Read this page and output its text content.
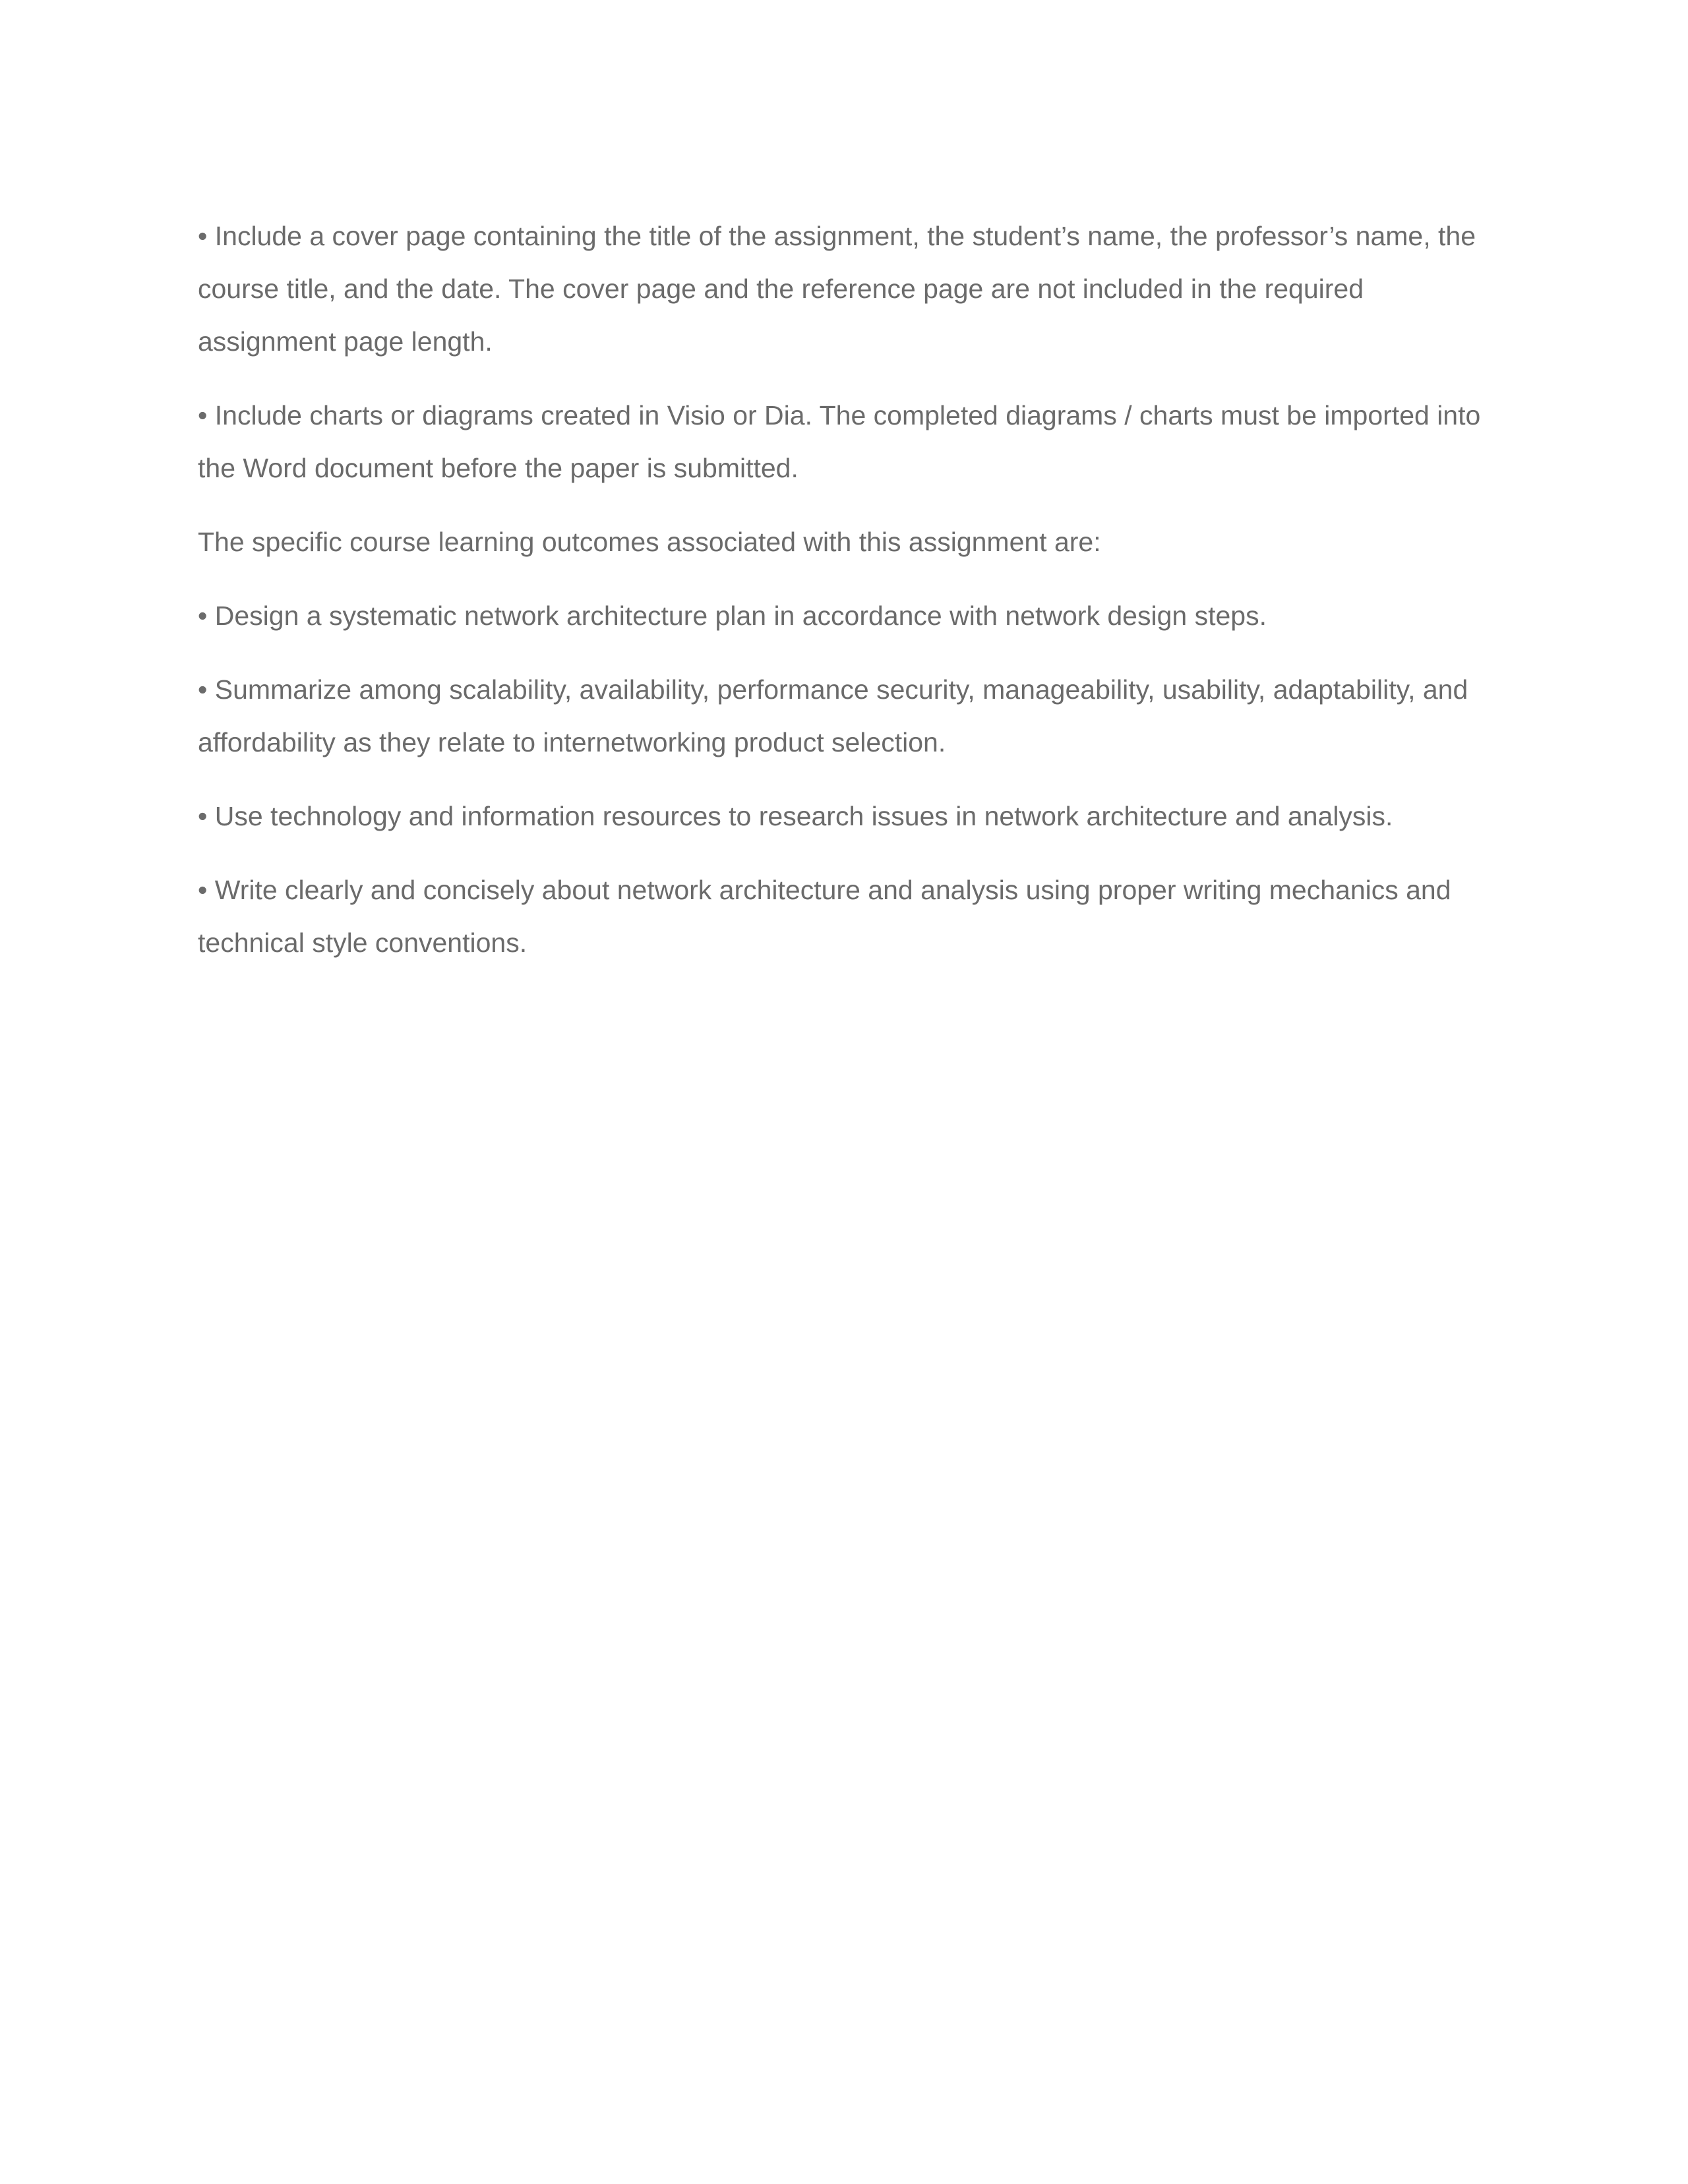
• Include a cover page containing the title of the assignment, the student’s name, the professor’s name, the course title, and the date. The cover page and the reference page are not included in the required assignment page length.

• Include charts or diagrams created in Visio or Dia. The completed diagrams / charts must be imported into the Word document before the paper is submitted.

The specific course learning outcomes associated with this assignment are:

• Design a systematic network architecture plan in accordance with network design steps.

• Summarize among scalability, availability, performance security, manageability, usability, adaptability, and affordability as they relate to internetworking product selection.

• Use technology and information resources to research issues in network architecture and analysis.

• Write clearly and concisely about network architecture and analysis using proper writing mechanics and technical style conventions.
